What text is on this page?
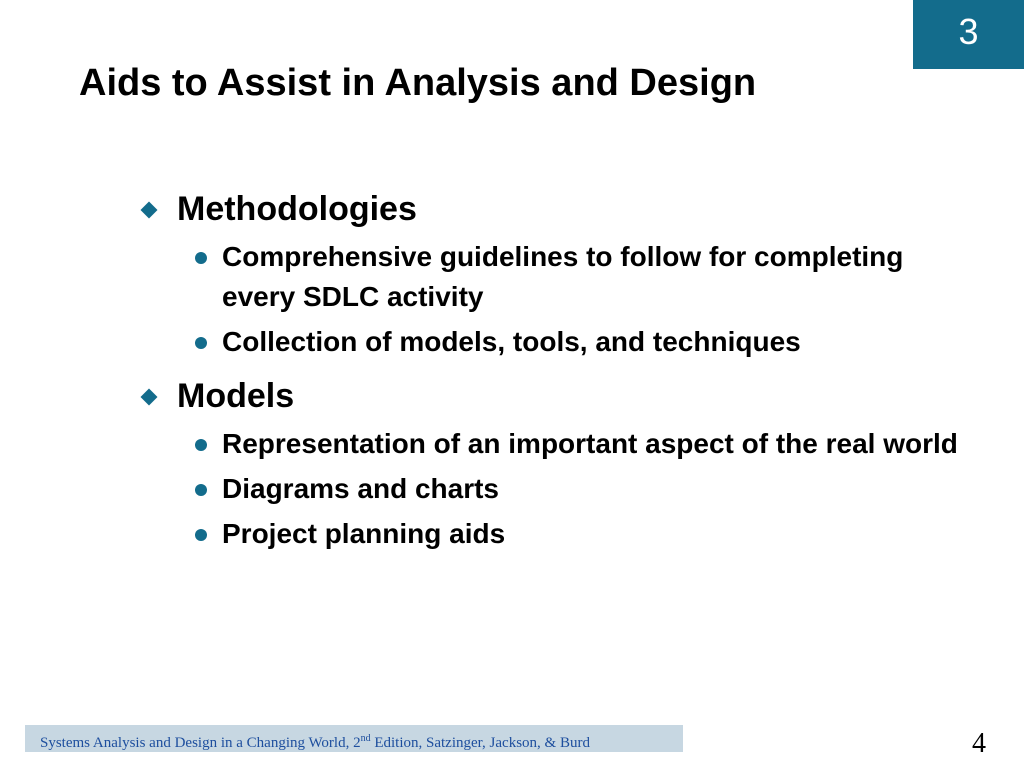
3
Aids to Assist in Analysis and Design
Methodologies
Comprehensive guidelines to follow for completing every SDLC activity
Collection of models, tools, and techniques
Models
Representation of an important aspect of the real world
Diagrams and charts
Project planning aids
Systems Analysis and Design in a Changing World, 2nd Edition, Satzinger, Jackson, & Burd	4
